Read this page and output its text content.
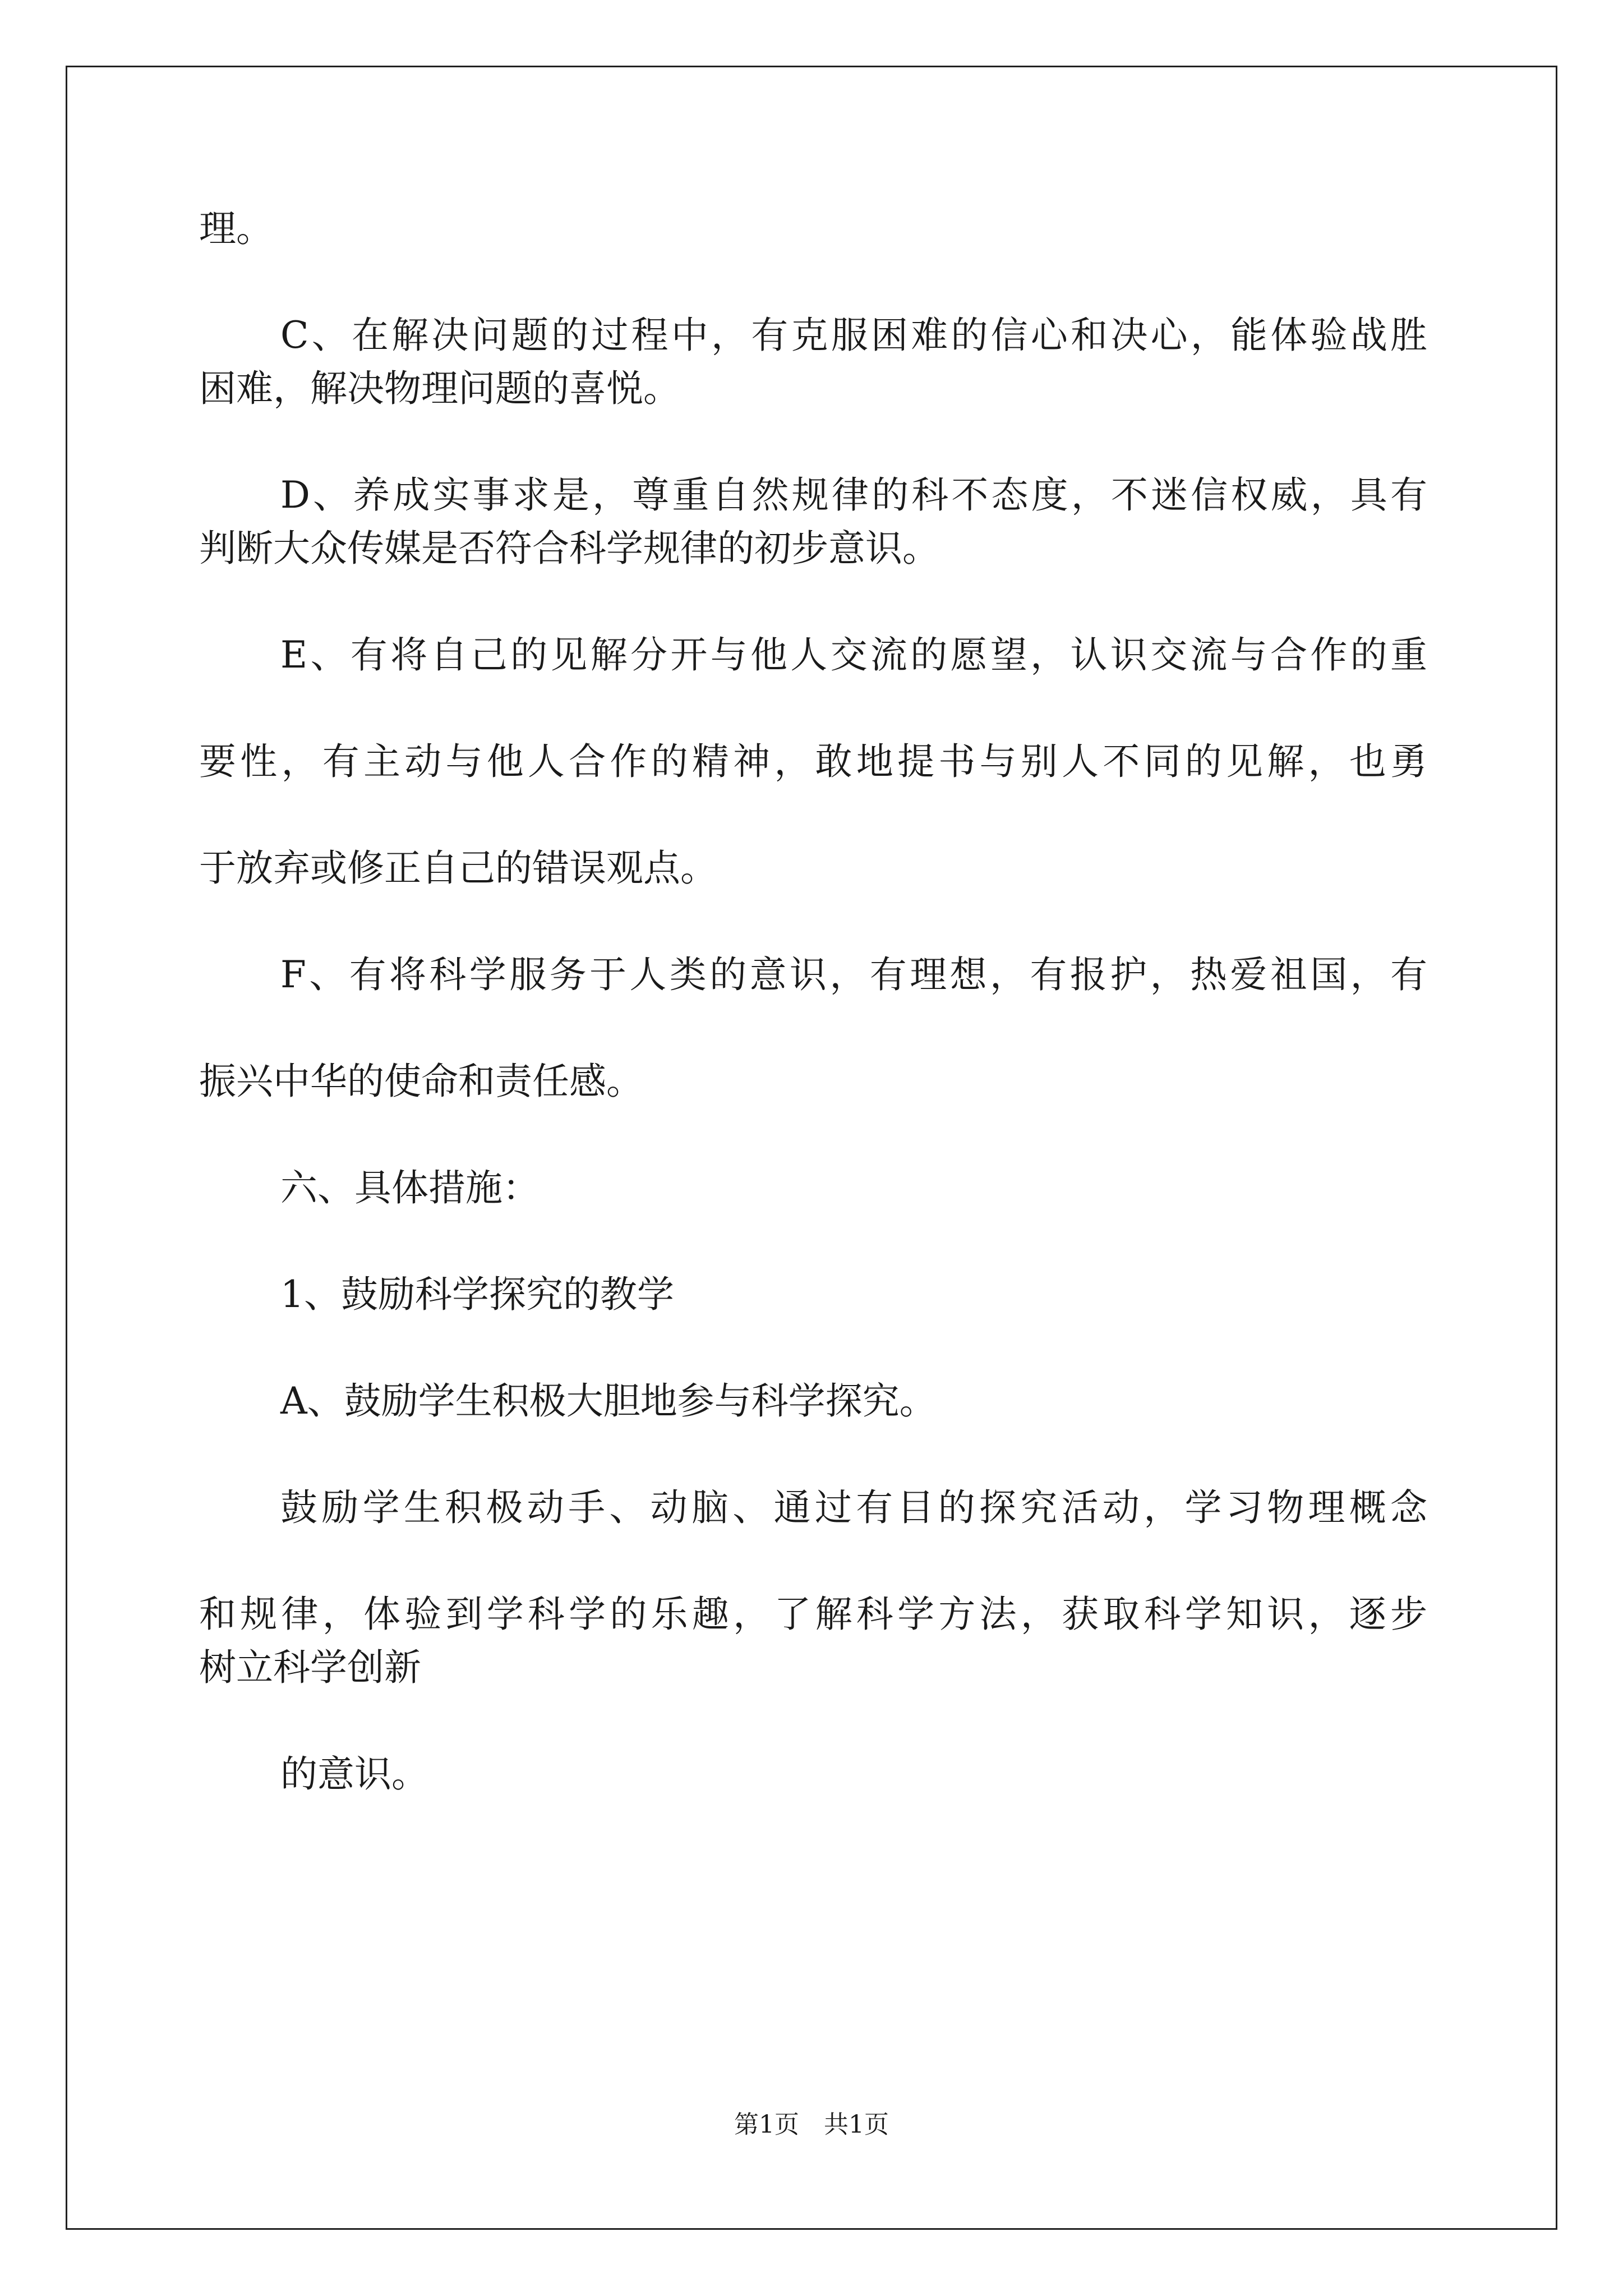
理。
C、在解决问题的过程中，有克服困难的信心和决心，能体验战胜
困难，解决物理问题的喜悦。
D、养成实事求是，尊重自然规律的科不态度，不迷信权威，具有
判断大众传媒是否符合科学规律的初步意识。
E、有将自己的见解分开与他人交流的愿望，认识交流与合作的重
要性，有主动与他人合作的精神，敢地提书与别人不同的见解，也勇
于放弃或修正自己的错误观点。
F、有将科学服务于人类的意识，有理想，有报护，热爱祖国，有
振兴中华的使命和责任感。
六、具体措施：
1、鼓励科学探究的教学
A、鼓励学生积极大胆地参与科学探究。
鼓励学生积极动手、动脑、通过有目的探究活动，学习物理概念
和规律，体验到学科学的乐趣，了解科学方法，获取科学知识，逐步
树立科学创新
的意识。
第1页 共1页
